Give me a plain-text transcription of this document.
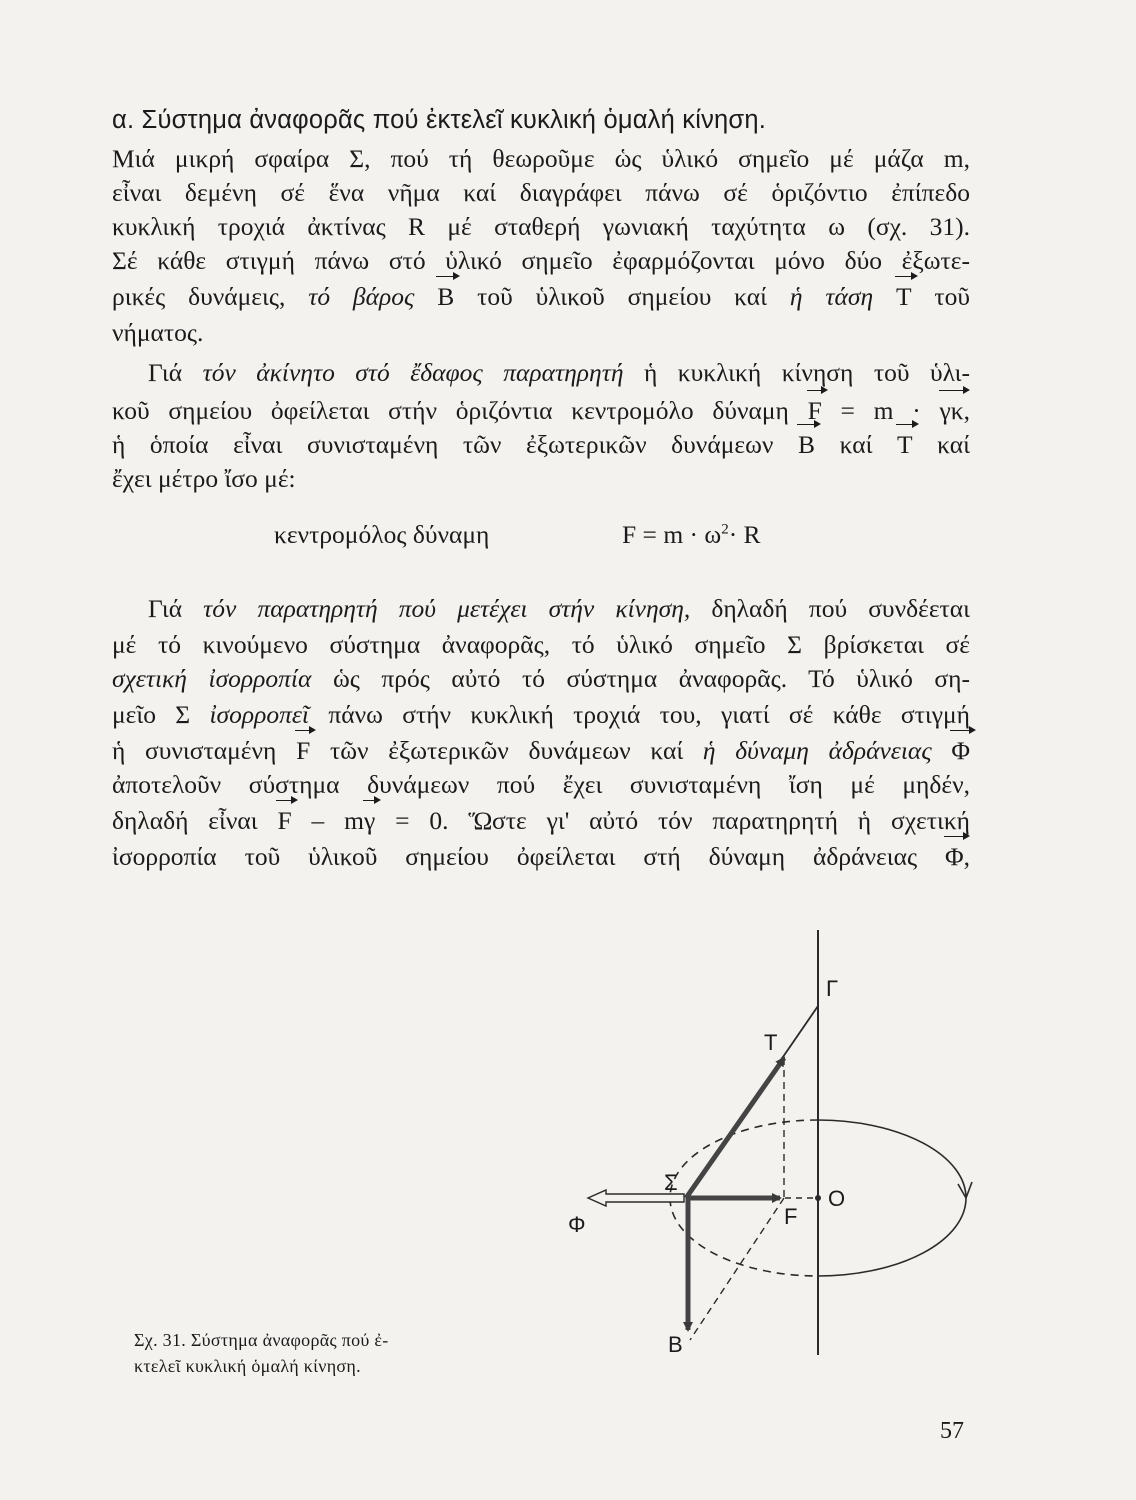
α. Σύστημα ἀναφορᾶς πού ἐκτελεῖ κυκλική ὁμαλή κίνηση.
Μιά μικρή σφαίρα Σ, πού τή θεωροῦμε ὡς ὑλικό σημεῖο μέ μάζα m,
εἶναι δεμένη σέ ἕνα νῆμα καί διαγράφει πάνω σέ ὁριζόντιο ἐπίπεδο
κυκλική τροχιά ἀκτίνας R μέ σταθερή γωνιακή ταχύτητα ω (σχ. 31).
Σέ κάθε στιγμή πάνω στό ὑλικό σημεῖο ἐφαρμόζονται μόνο δύο ἐξωτε-
ρικές δυνάμεις, τό βάρος B τοῦ ὑλικοῦ σημείου καί ἡ τάση T τοῦ
νήματος.
Γιά τόν ἀκίνητο στό ἔδαφος παρατηρητή ἡ κυκλική κίνηση τοῦ ὑλι-
κοῦ σημείου ὀφείλεται στήν ὁριζόντια κεντρομόλο δύναμη F = m · γκ,
ἡ ὁποία εἶναι συνισταμένη τῶν ἐξωτερικῶν δυνάμεων B καί T καί
ἔχει μέτρο ἴσο μέ:
κεντρομόλος δύναμη	$F = m \cdot \omega^2\cdot R$
Γιά τόν παρατηρητή πού μετέχει στήν κίνηση, δηλαδή πού συνδέεται
μέ τό κινούμενο σύστημα ἀναφορᾶς, τό ὑλικό σημεῖο Σ βρίσκεται σέ
σχετική ἰσορροπία ὡς πρός αὐτό τό σύστημα ἀναφορᾶς. Τό ὑλικό ση-
μεῖο Σ ἰσορροπεῖ πάνω στήν κυκλική τροχιά του, γιατί σέ κάθε στιγμή
ἡ συνισταμένη F τῶν ἐξωτερικῶν δυνάμεων καί ἡ δύναμη ἀδράνειας Φ
ἀποτελοῦν σύστημα δυνάμεων πού ἔχει συνισταμένη ἴση μέ μηδέν,
δηλαδή εἶναι F – mγ = 0. Ὥστε γι' αὐτό τόν παρατηρητή ἡ σχετική
ἰσορροπία τοῦ ὑλικοῦ σημείου ὀφείλεται στή δύναμη ἀδράνειας Φ,
Γ
T
Σ
O
Φ	F
B
Σχ. 31. Σύστημα ἀναφορᾶς πού ἐ-
κτελεῖ κυκλική ὁμαλή κίνηση.
57
